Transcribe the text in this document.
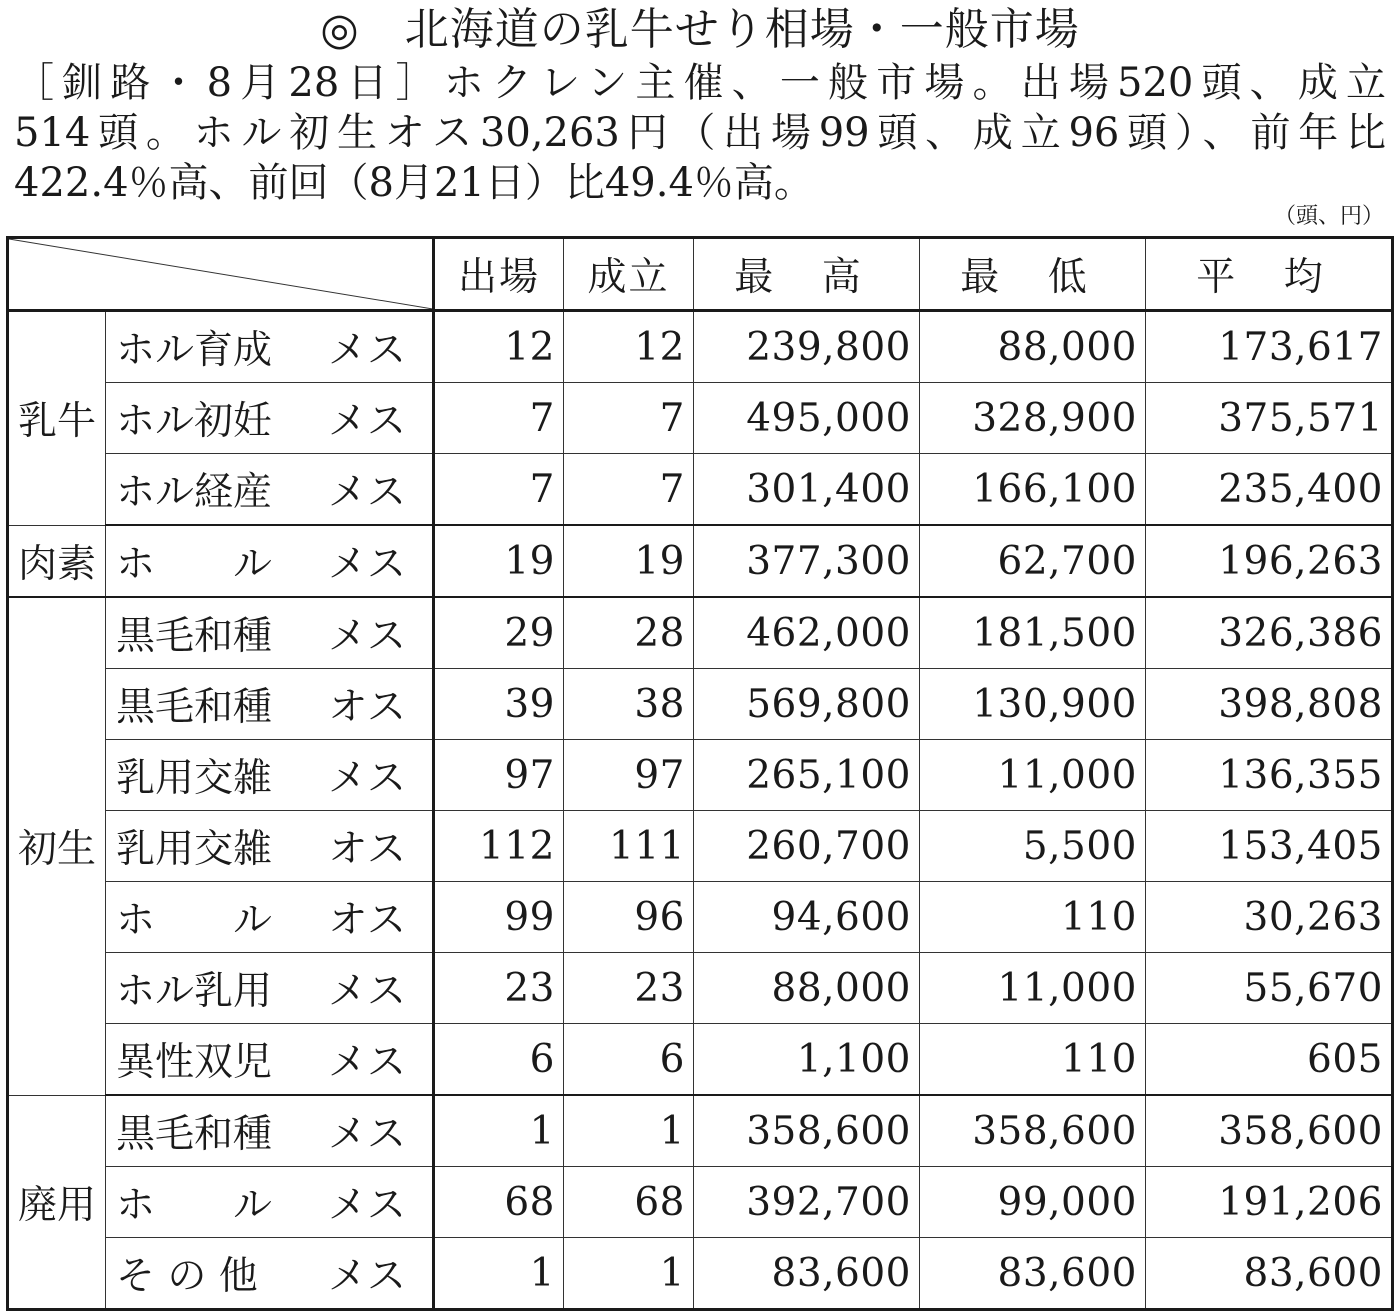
◎　北海道の乳牛せり相場・一般市場
［釧路・8月28日］ホクレン主催、一般市場。出場520頭、成立
514頭。ホル初生オス30,263円（出場99頭、成立96頭）、前年比
422.4％高、前回（8月21日）比49.4％高。
（頭、円）
	出場	成立	最 高	最 低	平 均
乳牛	ホル育成 メス	12	12	239,800	88,000	173,617

	ホル初妊 メス	7	7	495,000	328,900	375,571

	ホル経産 メス	7	7	301,400	166,100	235,400
肉素	ホ　　ル メス	19	19	377,300	62,700	196,263
初生	黒毛和種 メス	29	28	462,000	181,500	326,386

	黒毛和種 オス	39	38	569,800	130,900	398,808

	乳用交雑 メス	97	97	265,100	11,000	136,355

	乳用交雑 オス	112	111	260,700	5,500	153,405

	ホ　　ル オス	99	96	94,600	110	30,263

	ホル乳用 メス	23	23	88,000	11,000	55,670

	異性双児 メス	6	6	1,100	110	605
廃用	黒毛和種 メス	1	1	358,600	358,600	358,600

	ホ　　ル メス	68	68	392,700	99,000	191,206

	そ の 他 メス	1	1	83,600	83,600	83,600
